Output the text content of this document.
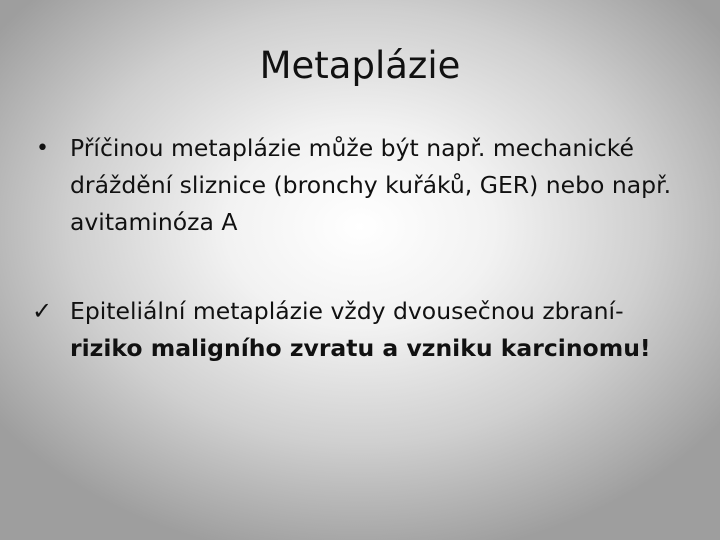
Metaplázie
• Příčinou metaplázie může být např. mechanické dráždění sliznice (bronchy kuřáků, GER) nebo např. avitaminóza A
✓ Epiteliální metaplázie vždy dvousečnou zbraní- riziko maligního zvratu a vzniku karcinomu!
